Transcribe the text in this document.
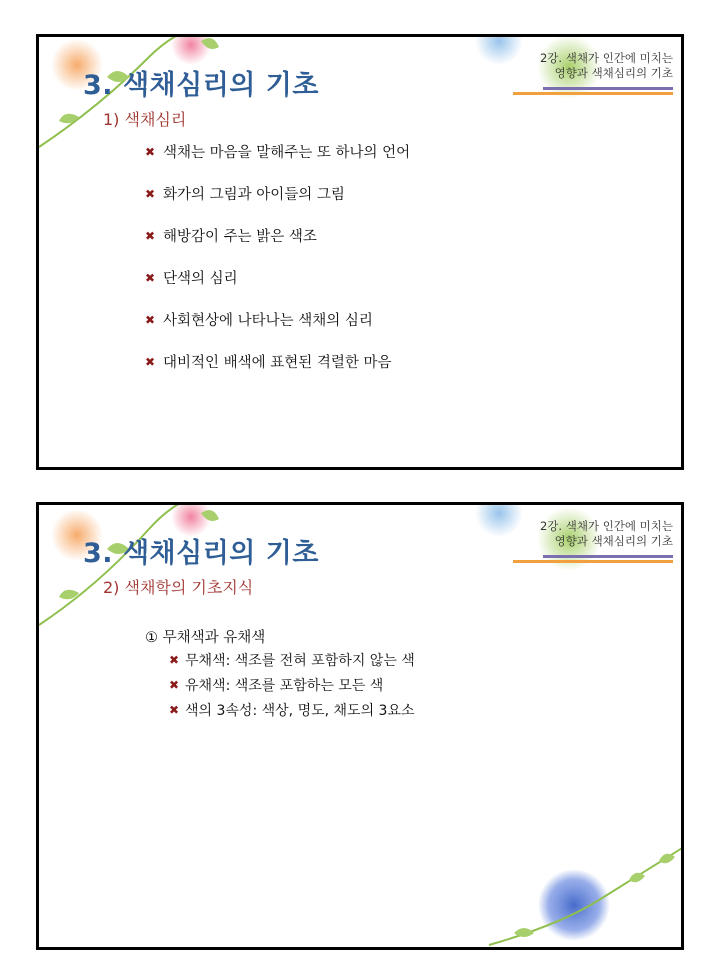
3. 색채심리의 기초
2강. 색채가 인간에 미치는
영향과 색채심리의 기초
1) 색채심리
✖ 색채는 마음을 말해주는 또 하나의 언어
✖ 화가의 그림과 아이들의 그림
✖ 해방감이 주는 밝은 색조
✖ 단색의 심리
✖ 사회현상에 나타나는 색채의 심리
✖ 대비적인 배색에 표현된 격렬한 마음
3. 색채심리의 기초
2강. 색채가 인간에 미치는
영향과 색채심리의 기초
2) 색채학의 기초지식
① 무채색과 유채색
✖ 무채색: 색조를 전혀 포함하지 않는 색
✖ 유채색: 색조를 포함하는 모든 색
✖ 색의 3속성: 색상, 명도, 채도의 3요소
